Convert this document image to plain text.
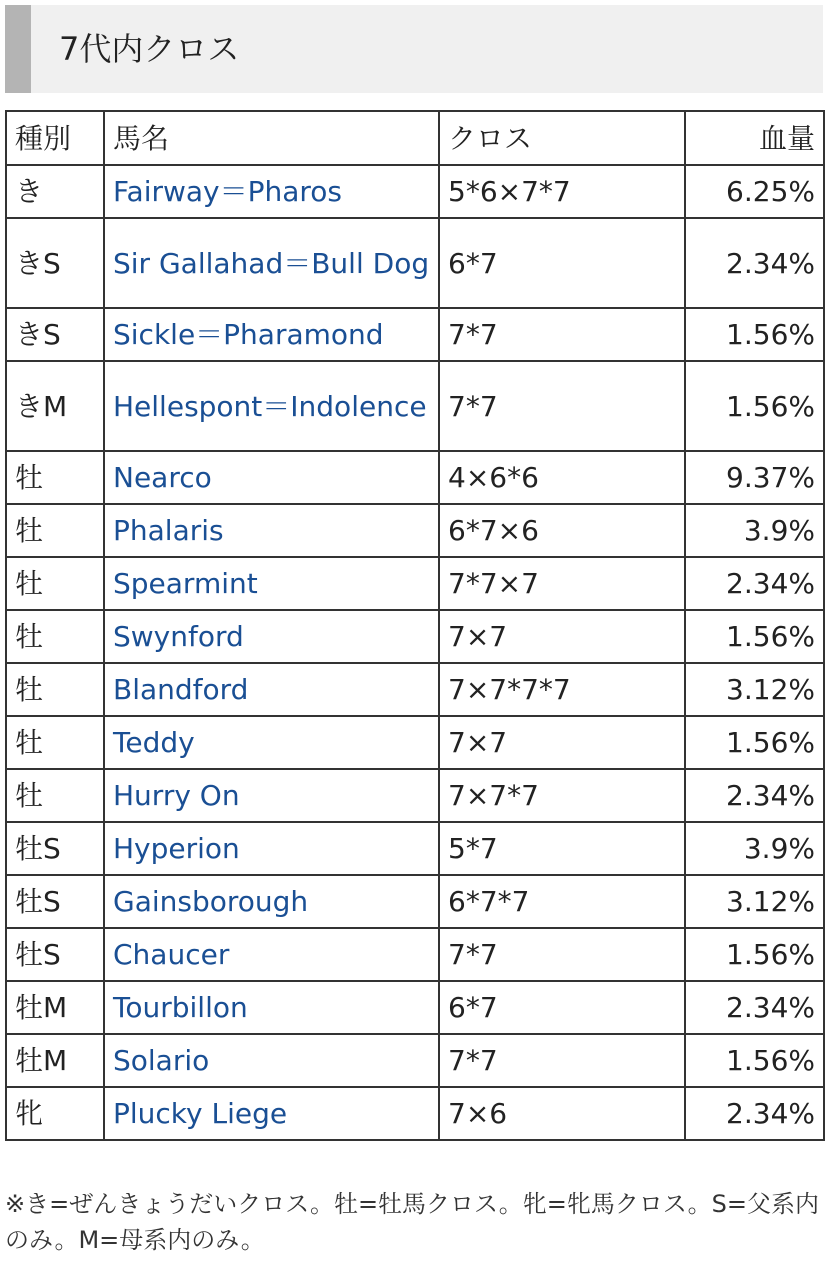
7代内クロス
種別	馬名	クロス	血量
き	Fairway＝Pharos	5*6×7*7	6.25%
きS	Sir Gallahad＝Bull Dog	6*7	2.34%
きS	Sickle＝Pharamond	7*7	1.56%
きM	Hellespont＝Indolence	7*7	1.56%
牡	Nearco	4×6*6	9.37%
牡	Phalaris	6*7×6	3.9%
牡	Spearmint	7*7×7	2.34%
牡	Swynford	7×7	1.56%
牡	Blandford	7×7*7*7	3.12%
牡	Teddy	7×7	1.56%
牡	Hurry On	7×7*7	2.34%
牡S	Hyperion	5*7	3.9%
牡S	Gainsborough	6*7*7	3.12%
牡S	Chaucer	7*7	1.56%
牡M	Tourbillon	6*7	2.34%
牡M	Solario	7*7	1.56%
牝	Plucky Liege	7×6	2.34%
※き=ぜんきょうだいクロス。牡=牡馬クロス。牝=牝馬クロス。S=父系内のみ。M=母系内のみ。
